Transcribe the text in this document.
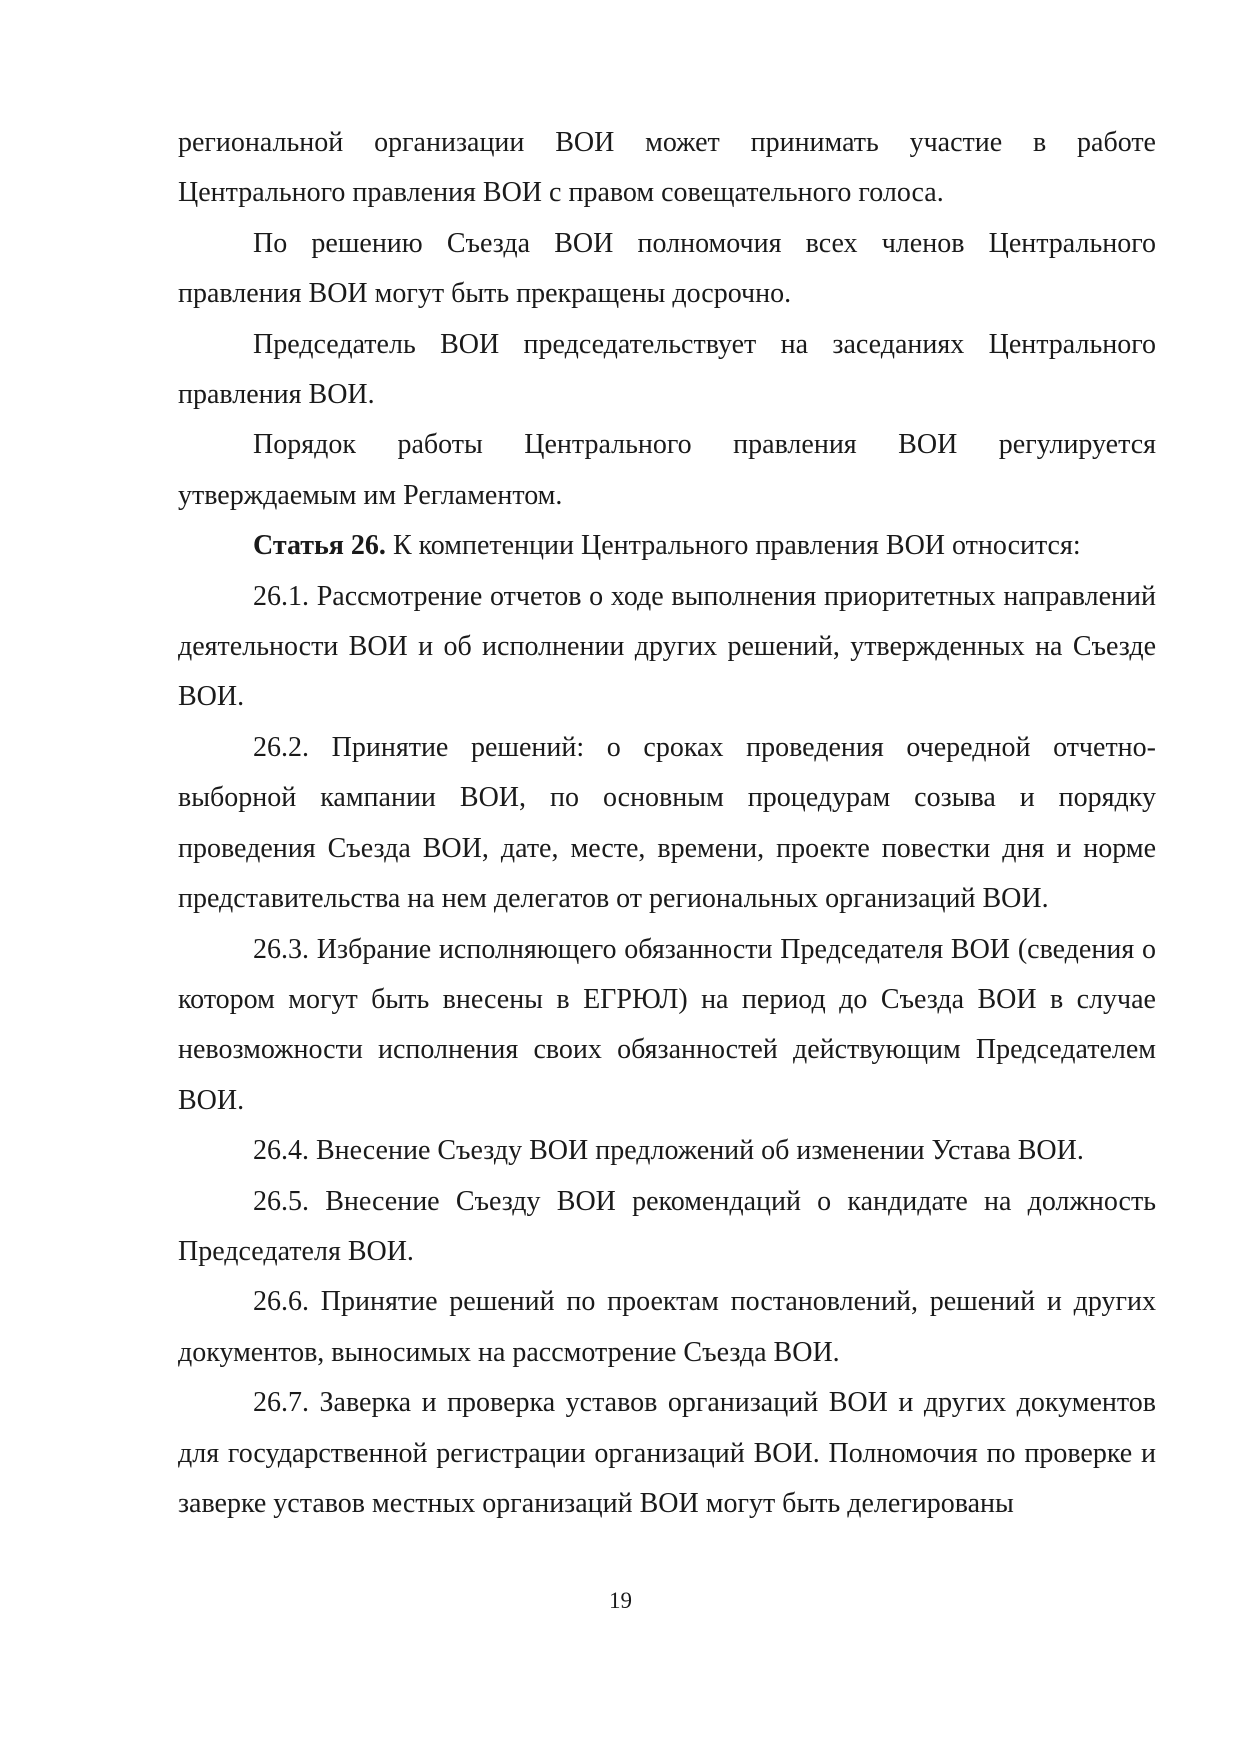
региональной организации ВОИ может принимать участие в работе Центрального правления ВОИ с правом совещательного голоса.

По решению Съезда ВОИ полномочия всех членов Центрального правления ВОИ могут быть прекращены досрочно.

Председатель ВОИ председательствует на заседаниях Центрального правления ВОИ.

Порядок работы Центрального правления ВОИ регулируется утверждаемым им Регламентом.

Статья 26. К компетенции Центрального правления ВОИ относится:

26.1. Рассмотрение отчетов о ходе выполнения приоритетных направлений деятельности ВОИ и об исполнении других решений, утвержденных на Съезде ВОИ.

26.2. Принятие решений: о сроках проведения очередной отчетно-выборной кампании ВОИ, по основным процедурам созыва и порядку проведения Съезда ВОИ, дате, месте, времени, проекте повестки дня и норме представительства на нем делегатов от региональных организаций ВОИ.

26.3. Избрание исполняющего обязанности Председателя ВОИ (сведения о котором могут быть внесены в ЕГРЮЛ) на период до Съезда ВОИ в случае невозможности исполнения своих обязанностей действующим Председателем ВОИ.

26.4. Внесение Съезду ВОИ предложений об изменении Устава ВОИ.

26.5. Внесение Съезду ВОИ рекомендаций о кандидате на должность Председателя ВОИ.

26.6. Принятие решений по проектам постановлений, решений и других документов, выносимых на рассмотрение Съезда ВОИ.

26.7. Заверка и проверка уставов организаций ВОИ и других документов для государственной регистрации организаций ВОИ. Полномочия по проверке и заверке уставов местных организаций ВОИ могут быть делегированы

19
